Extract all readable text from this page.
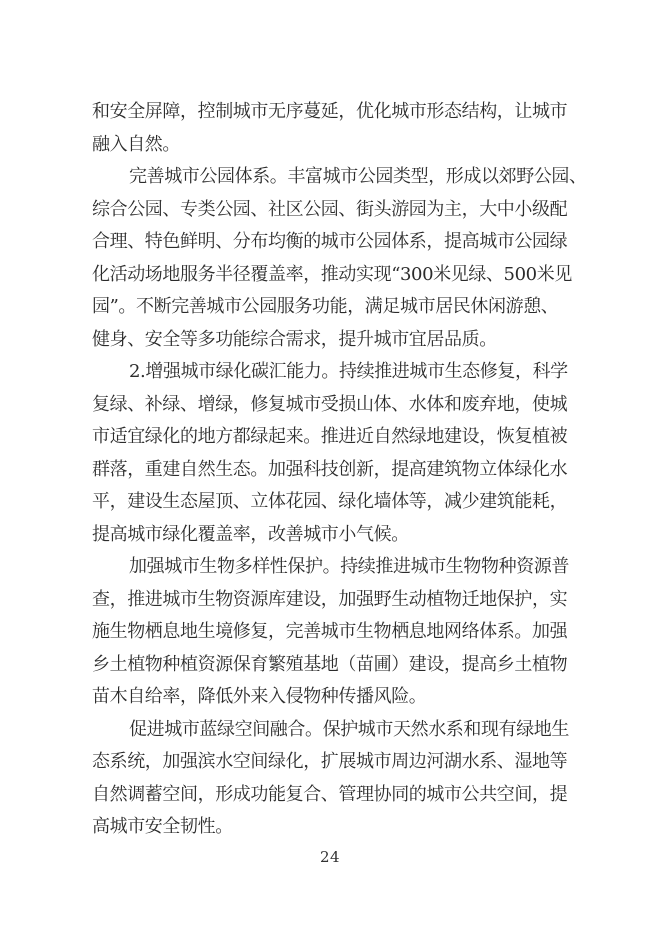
和安全屏障，控制城市无序蔓延，优化城市形态结构，让城市
融入自然。
完善城市公园体系。丰富城市公园类型，形成以郊野公园、
综合公园、专类公园、社区公园、街头游园为主，大中小级配
合理、特色鲜明、分布均衡的城市公园体系，提高城市公园绿
化活动场地服务半径覆盖率，推动实现“300米见绿、500米见
园”。不断完善城市公园服务功能，满足城市居民休闲游憩、
健身、安全等多功能综合需求，提升城市宜居品质。
2.增强城市绿化碳汇能力。持续推进城市生态修复，科学
复绿、补绿、增绿，修复城市受损山体、水体和废弃地，使城
市适宜绿化的地方都绿起来。推进近自然绿地建设，恢复植被
群落，重建自然生态。加强科技创新，提高建筑物立体绿化水
平，建设生态屋顶、立体花园、绿化墙体等，减少建筑能耗，
提高城市绿化覆盖率，改善城市小气候。
加强城市生物多样性保护。持续推进城市生物物种资源普
查，推进城市生物资源库建设，加强野生动植物迁地保护，实
施生物栖息地生境修复，完善城市生物栖息地网络体系。加强
乡土植物种植资源保育繁殖基地（苗圃）建设，提高乡土植物
苗木自给率，降低外来入侵物种传播风险。
促进城市蓝绿空间融合。保护城市天然水系和现有绿地生
态系统，加强滨水空间绿化，扩展城市周边河湖水系、湿地等
自然调蓄空间，形成功能复合、管理协同的城市公共空间，提
高城市安全韧性。
24
